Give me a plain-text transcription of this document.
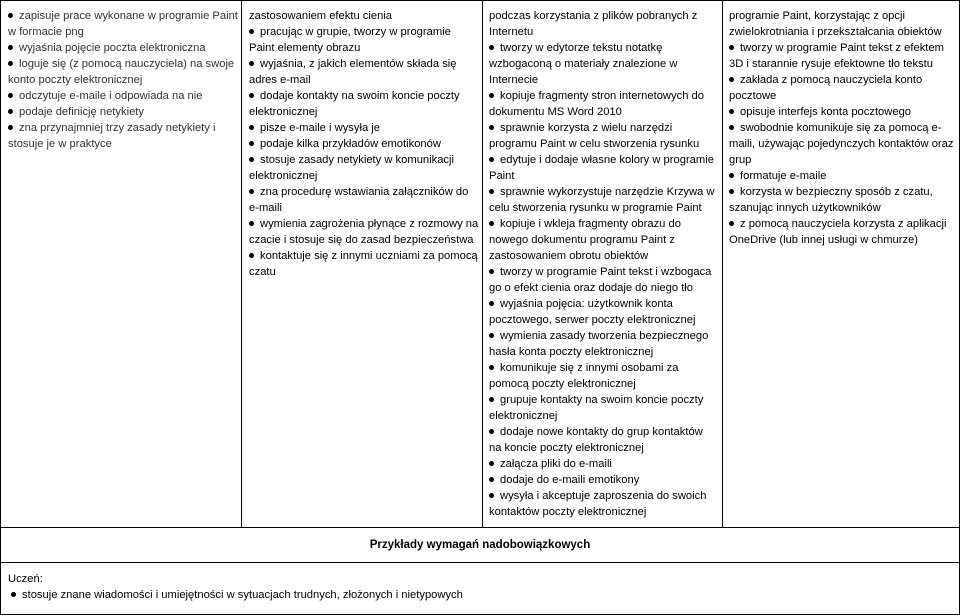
zapisuje prace wykonane w programie Paint
w formacie png
wyjaśnia pojęcie poczta elektroniczna
loguje się (z pomocą nauczyciela) na swoje
konto poczty elektronicznej
odczytuje e-maile i odpowiada na nie
podaje definicję netykiety
zna przynajmniej trzy zasady netykiety i
stosuje je w praktyce
zastosowaniem efektu cienia
pracując w grupie, tworzy w programie
Paint elementy obrazu
wyjaśnia, z jakich elementów składa się
adres e-mail
dodaje kontakty na swoim koncie poczty
elektronicznej
pisze e-maile i wysyła je
podaje kilka przykładów emotikonów
stosuje zasady netykiety w komunikacji
elektronicznej
zna procedurę wstawiania załączników do
e-maili
wymienia zagrożenia płynące z rozmowy na
czacie i stosuje się do zasad bezpieczeństwa
kontaktuje się z innymi uczniami za pomocą
czatu
podczas korzystania z plików pobranych z
Internetu
tworzy w edytorze tekstu notatkę
wzbogaconą o materiały znalezione w
Internecie
kopiuje fragmenty stron internetowych do
dokumentu MS Word 2010
sprawnie korzysta z wielu narzędzi
programu Paint w celu stworzenia rysunku
edytuje i dodaje własne kolory w programie
Paint
sprawnie wykorzystuje narzędzie Krzywa w
celu stworzenia rysunku w programie Paint
kopiuje i wkleja fragmenty obrazu do
nowego dokumentu programu Paint z
zastosowaniem obrotu obiektów
tworzy w programie Paint tekst i wzbogaca
go o efekt cienia oraz dodaje do niego tło
wyjaśnia pojęcia: użytkownik konta
pocztowego, serwer poczty elektronicznej
wymienia zasady tworzenia bezpiecznego
hasła konta poczty elektronicznej
komunikuje się z innymi osobami za
pomocą poczty elektronicznej
grupuje kontakty na swoim koncie poczty
elektronicznej
dodaje nowe kontakty do grup kontaktów
na koncie poczty elektronicznej
załącza pliki do e-maili
dodaje do e-maili emotikony
wysyła i akceptuje zaproszenia do swoich
kontaktów poczty elektronicznej
programie Paint, korzystając z opcji
zwielokrotniania i przekształcania obiektów
tworzy w programie Paint tekst z efektem
3D i starannie rysuje efektowne tło tekstu
zakłada z pomocą nauczyciela konto
pocztowe
opisuje interfejs konta pocztowego
swobodnie komunikuje się za pomocą e-
maili, używając pojedynczych kontaktów oraz
grup
formatuje e-maile
korzysta w bezpieczny sposób z czatu,
szanując innych użytkowników
z pomocą nauczyciela korzysta z aplikacji
OneDrive (lub innej usługi w chmurze)
Przykłady wymagań nadobowiązkowych
Uczeń:
stosuje znane wiadomości i umiejętności w sytuacjach trudnych, złożonych i nietypowych
